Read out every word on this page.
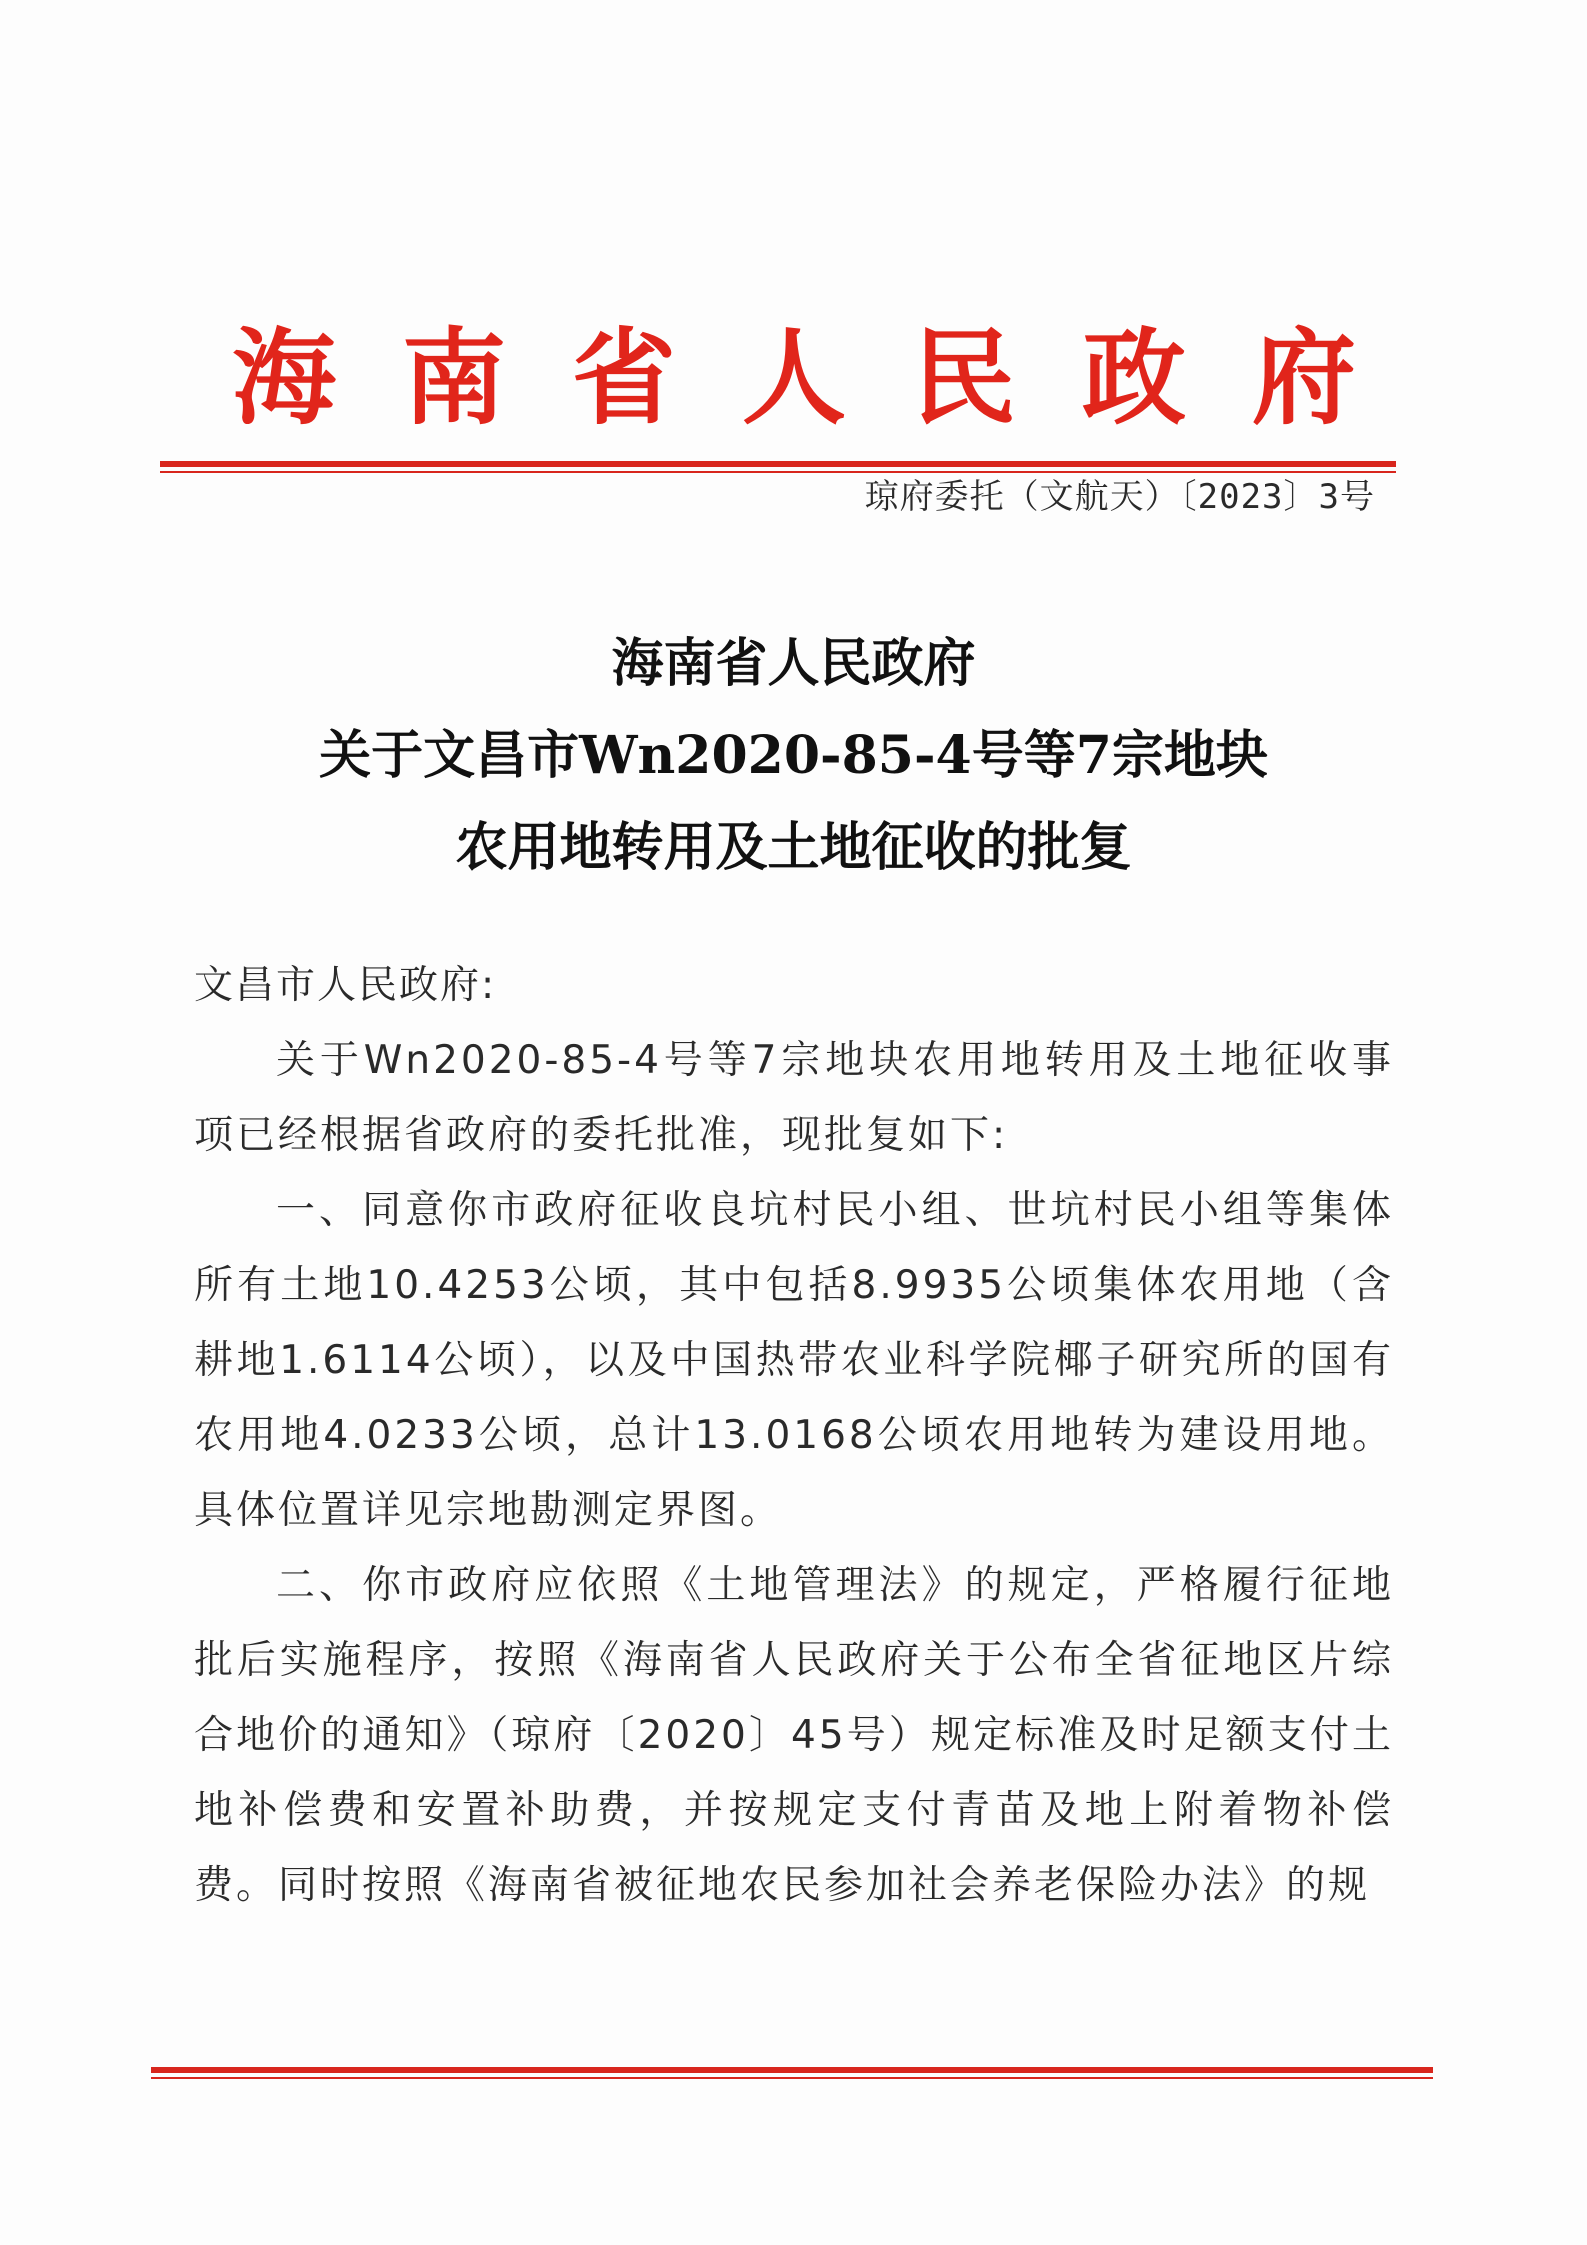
海南省人民政府
琼府委托（文航天）〔2023〕3号
海南省人民政府
关于文昌市Wn2020-85-4号等7宗地块
农用地转用及土地征收的批复

文昌市人民政府:

关于Wn2020-85-4号等7宗地块农用地转用及土地征收事项已经根据省政府的委托批准，现批复如下:

一、同意你市政府征收良坑村民小组、世坑村民小组等集体所有土地10.4253公顷，其中包括8.9935公顷集体农用地（含耕地1.6114公顷），以及中国热带农业科学院椰子研究所的国有农用地4.0233公顷，总计13.0168公顷农用地转为建设用地。具体位置详见宗地勘测定界图。

二、你市政府应依照《土地管理法》的规定，严格履行征地批后实施程序，按照《海南省人民政府关于公布全省征地区片综合地价的通知》（琼府〔2020〕45号）规定标准及时足额支付土地补偿费和安置补助费，并按规定支付青苗及地上附着物补偿费。同时按照《海南省被征地农民参加社会养老保险办法》的规
